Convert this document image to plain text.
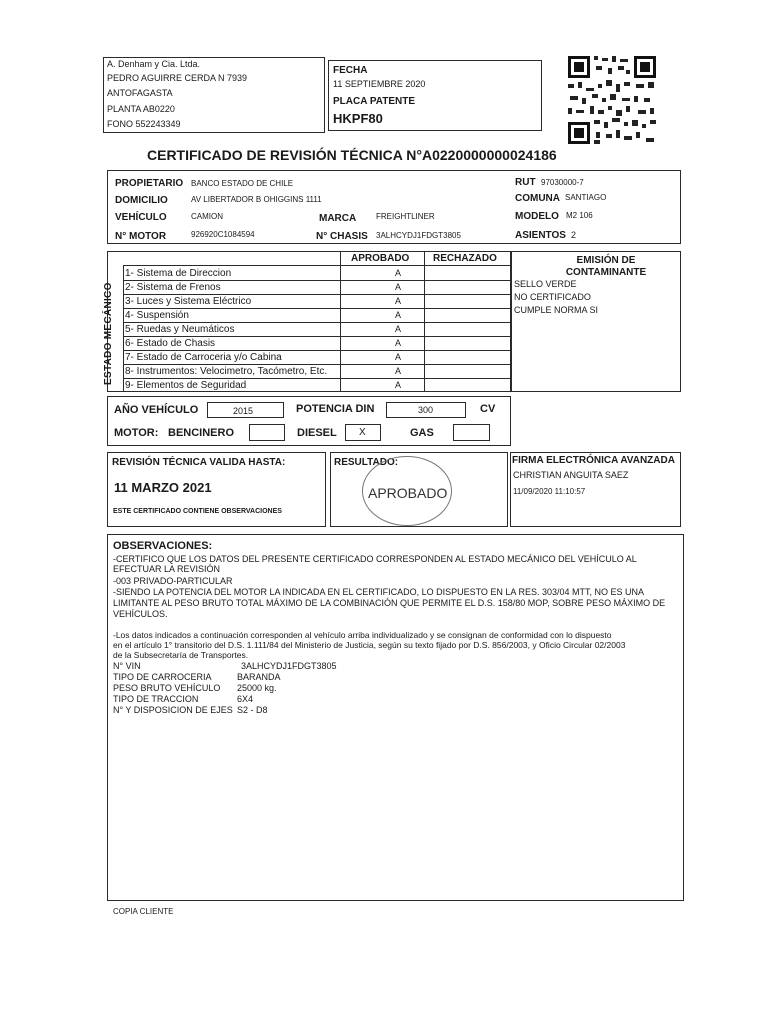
A. Denham y Cia. Ltda.
PEDRO AGUIRRE CERDA N 7939
ANTOFAGASTA
PLANTA AB0220
FONO 552243349
FECHA
11 SEPTIEMBRE 2020
PLACA PATENTE
HKPF80
CERTIFICADO DE REVISIÓN TÉCNICA N°A0220000000024186
PROPIETARIO BANCO ESTADO DE CHILE	RUT 97030000-7
DOMICILIO	AV LIBERTADOR B OHIGGINS 1111	COMUNA SANTIAGO
VEHÍCULO	CAMION	MARCA FREIGHTLINER	MODELO M2 106
N° MOTOR	926920C1084594	N° CHASIS 3ALHCYDJ1FDGT3805	ASIENTOS 2
APROBADO RECHAZADO
ESTADO MECÁNICO
1- Sistema de Direccion	A
2- Sistema de Frenos	A
3- Luces y Sistema Eléctrico	A
4- Suspensión	A
5- Ruedas y Neumáticos	A
6- Estado de Chasis	A
7- Estado de Carroceria y/o Cabina	A
8- Instrumentos: Velocimetro, Tacómetro, Etc.	A
9- Elementos de Seguridad	A
EMISIÓN DE CONTAMINANTE
SELLO VERDE
NO CERTIFICADO
CUMPLE NORMA SI
AÑO VEHÍCULO	2015	POTENCIA DIN	300	CV
MOTOR: BENCINERO	DIESEL X	GAS
REVISIÓN TÉCNICA VALIDA HASTA:
11 MARZO 2021
ESTE CERTIFICADO CONTIENE OBSERVACIONES
RESULTADO:
APROBADO
FIRMA ELECTRÓNICA AVANZADA
CHRISTIAN ANGUITA SAEZ
11/09/2020 11:10:57
OBSERVACIONES:
-CERTIFICO QUE LOS DATOS DEL PRESENTE CERTIFICADO CORRESPONDEN AL ESTADO MECÁNICO DEL VEHÍCULO AL
EFECTUAR LA REVISIÓN
-003 PRIVADO-PARTICULAR
-SIENDO LA POTENCIA DEL MOTOR LA INDICADA EN EL CERTIFICADO, LO DISPUESTO EN LA RES. 303/04 MTT, NO ES UNA
LIMITANTE AL PESO BRUTO TOTAL MÁXIMO DE LA COMBINACIÓN QUE PERMITE EL D.S. 158/80 MOP, SOBRE PESO MÁXIMO DE
VEHÍCULOS.
-Los datos indicados a continuación corresponden al vehículo arriba individualizado y se consignan de conformidad con lo dispuesto
en el artículo 1° transitorio del D.S. 1.111/84 del Ministerio de Justicia, según su texto fijado por D.S. 856/2003, y Oficio Circular 02/2003
de la Subsecretaría de Transportes.
N° VIN	3ALHCYDJ1FDGT3805
TIPO DE CARROCERIA	BARANDA
PESO BRUTO VEHÍCULO 25000 kg.
TIPO DE TRACCION	6X4
N° Y DISPOSICION DE EJES S2 - D8
COPIA CLIENTE
